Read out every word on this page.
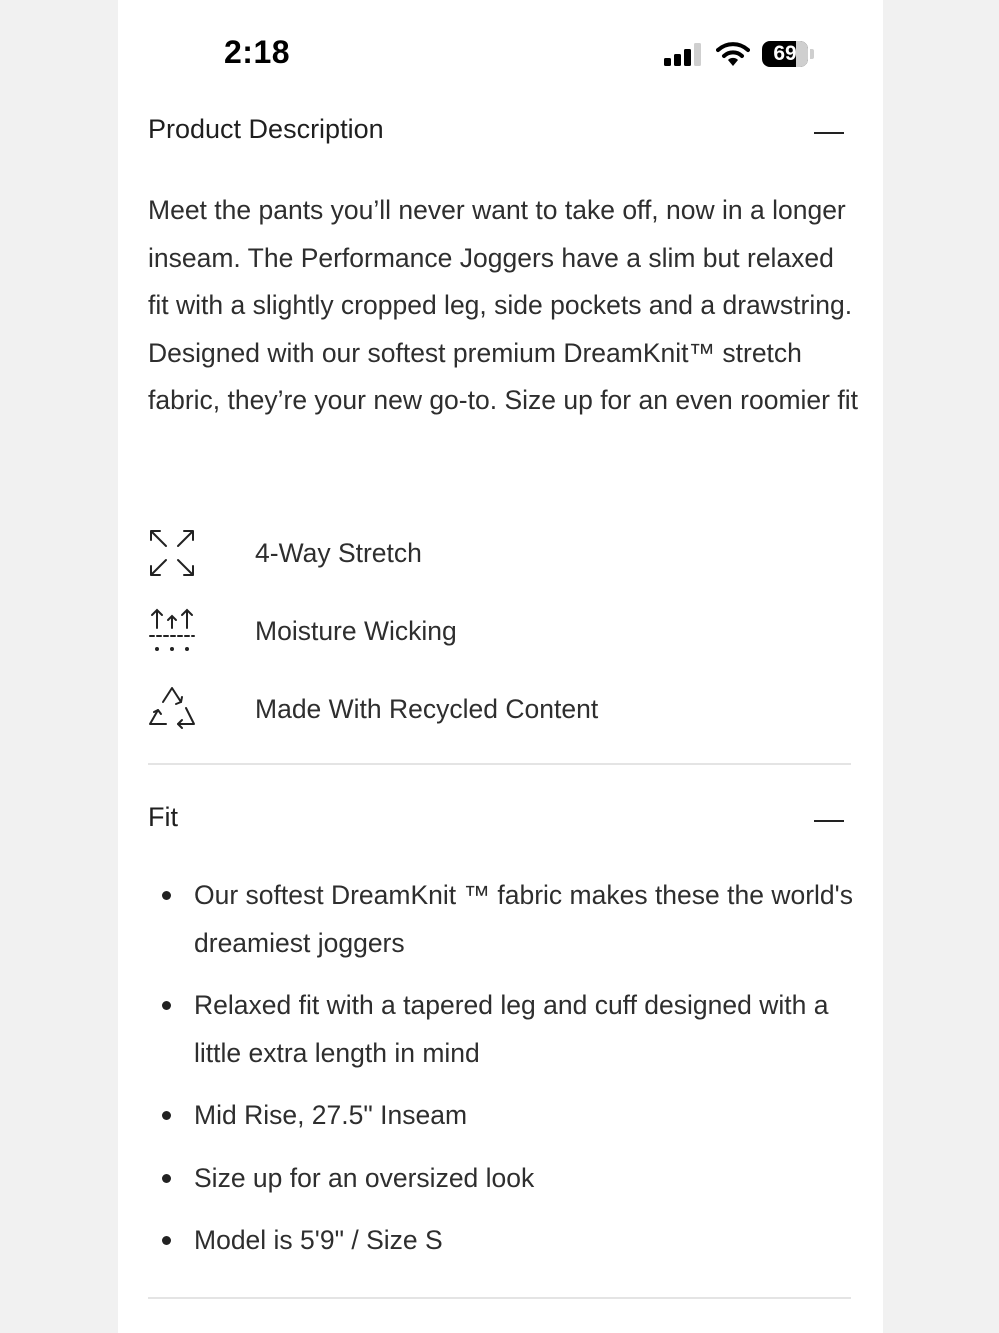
2:18	69
Product Description

Meet the pants you’ll never want to take off, now in a longer inseam. The Performance Joggers have a slim but relaxed fit with a slightly cropped leg, side pockets and a drawstring. Designed with our softest premium DreamKnit™ stretch fabric, they’re your new go-to. Size up for an even roomier fit

4-Way Stretch
Moisture Wicking
Made With Recycled Content
Fit
Our softest DreamKnit ™ fabric makes these the world's dreamiest joggers
Relaxed fit with a tapered leg and cuff designed with a little extra length in mind
Mid Rise, 27.5" Inseam
Size up for an oversized look
Model is 5'9" / Size S
